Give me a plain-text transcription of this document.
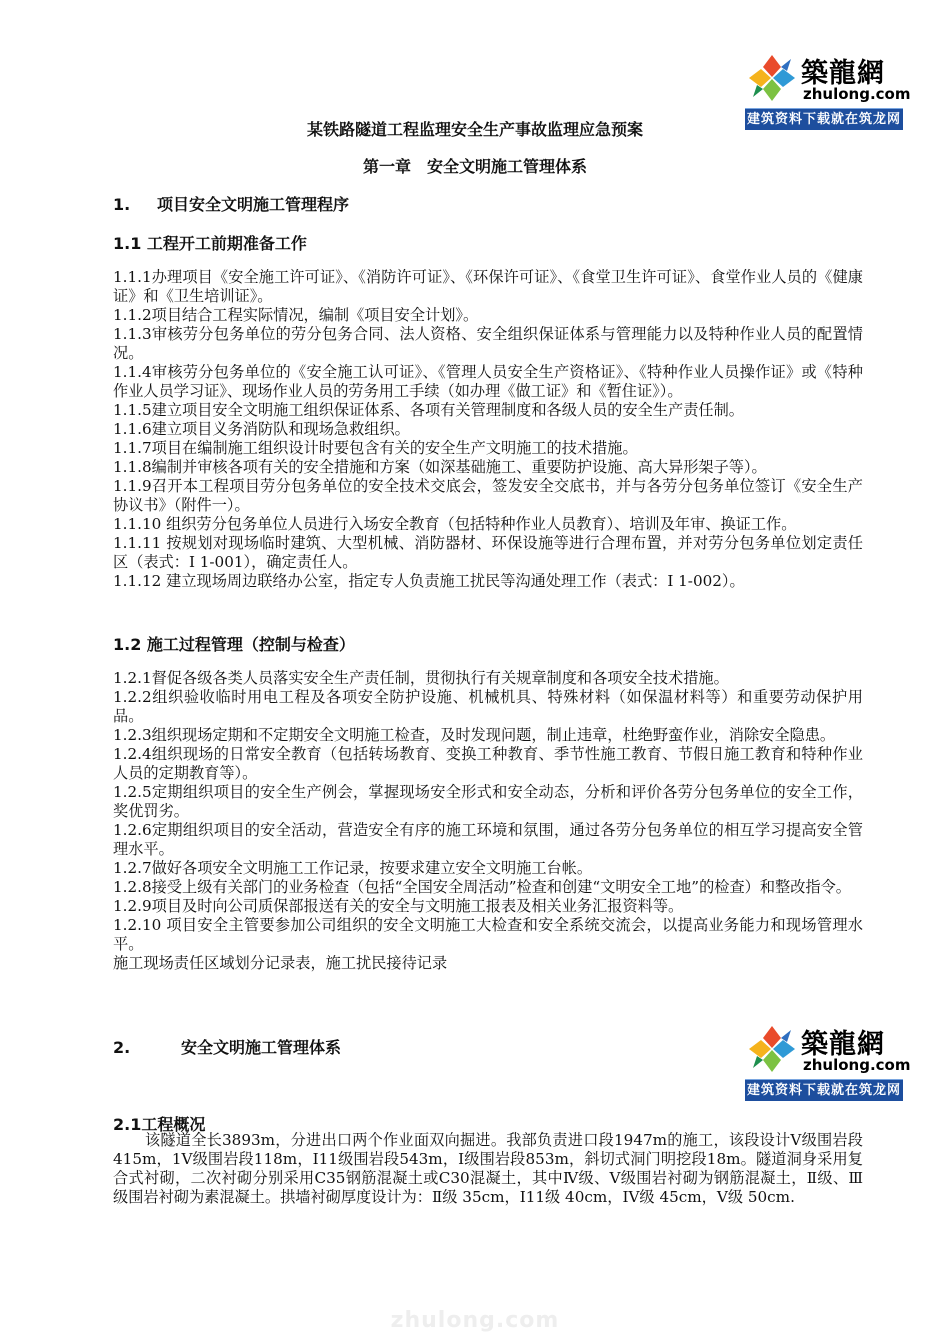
築龍網
zhulong.com
建筑资料下载就在筑龙网
某铁路隧道工程监理安全生产事故监理应急预案
第一章　安全文明施工管理体系
1. 项目安全文明施工管理程序
1.1 工程开工前期准备工作

1.1.1办理项目《安全施工许可证》、《消防许可证》、《环保许可证》、《食堂卫生许可证》、食堂作业人员的《健康证》和《卫生培训证》。

1.1.2项目结合工程实际情况，编制《项目安全计划》。

1.1.3审核劳分包务单位的劳分包务合同、法人资格、安全组织保证体系与管理能力以及特种作业人员的配置情况。

1.1.4审核劳分包务单位的《安全施工认可证》、《管理人员安全生产资格证》、《特种作业人员操作证》或《特种作业人员学习证》、现场作业人员的劳务用工手续（如办理《做工证》和《暂住证》）。

1.1.5建立项目安全文明施工组织保证体系、各项有关管理制度和各级人员的安全生产责任制。

1.1.6建立项目义务消防队和现场急救组织。

1.1.7项目在编制施工组织设计时要包含有关的安全生产文明施工的技术措施。

1.1.8编制并审核各项有关的安全措施和方案（如深基础施工、重要防护设施、高大异形架子等）。

1.1.9召开本工程项目劳分包务单位的安全技术交底会，签发安全交底书，并与各劳分包务单位签订《安全生产协议书》（附件一）。

1.1.10 组织劳分包务单位人员进行入场安全教育（包括特种作业人员教育）、培训及年审、换证工作。

1.1.11 按规划对现场临时建筑、大型机械、消防器材、环保设施等进行合理布置，并对劳分包务单位划定责任区（表式：Ⅰ 1-001），确定责任人。

1.1.12 建立现场周边联络办公室，指定专人负责施工扰民等沟通处理工作（表式：Ⅰ 1-002）。

1.2 施工过程管理（控制与检查）

1.2.1督促各级各类人员落实安全生产责任制，贯彻执行有关规章制度和各项安全技术措施。

1.2.2组织验收临时用电工程及各项安全防护设施、机械机具、特殊材料（如保温材料等）和重要劳动保护用品。

1.2.3组织现场定期和不定期安全文明施工检查，及时发现问题，制止违章，杜绝野蛮作业，消除安全隐患。

1.2.4组织现场的日常安全教育（包括转场教育、变换工种教育、季节性施工教育、节假日施工教育和特种作业人员的定期教育等）。

1.2.5定期组织项目的安全生产例会，掌握现场安全形式和安全动态，分析和评价各劳分包务单位的安全工作，奖优罚劣。

1.2.6定期组织项目的安全活动，营造安全有序的施工环境和氛围，通过各劳分包务单位的相互学习提高安全管理水平。

1.2.7做好各项安全文明施工工作记录，按要求建立安全文明施工台帐。

1.2.8接受上级有关部门的业务检查（包括“全国安全周活动”检查和创建“文明安全工地”的检查）和整改指令。

1.2.9项目及时向公司质保部报送有关的安全与文明施工报表及相关业务汇报资料等。

1.2.10 项目安全主管要参加公司组织的安全文明施工大检查和安全系统交流会，以提高业务能力和现场管理水平。

施工现场责任区域划分记录表，施工扰民接待记录

2.	安全文明施工管理体系	築龍網
zhulong.com
建筑资料下载就在筑龙网
2.1工程概况

该隧道全长3893m，分进出口两个作业面双向掘进。我部负责进口段1947m的施工，该段设计Ⅴ级围岩段415m，1V级围岩段118m，I11级围岩段543m，Ⅰ级围岩段853m，斜切式洞门明挖段18m。隧道洞身采用复合式衬砌，二次衬砌分别采用C35钢筋混凝土或C30混凝土，其中Ⅳ级、Ⅴ级围岩衬砌为钢筋混凝土，Ⅱ级、Ⅲ级围岩衬砌为素混凝土。拱墙衬砌厚度设计为：Ⅱ级 35cm，I11级 40cm，IV级 45cm，Ⅴ级 50cm.

zhulong.com
